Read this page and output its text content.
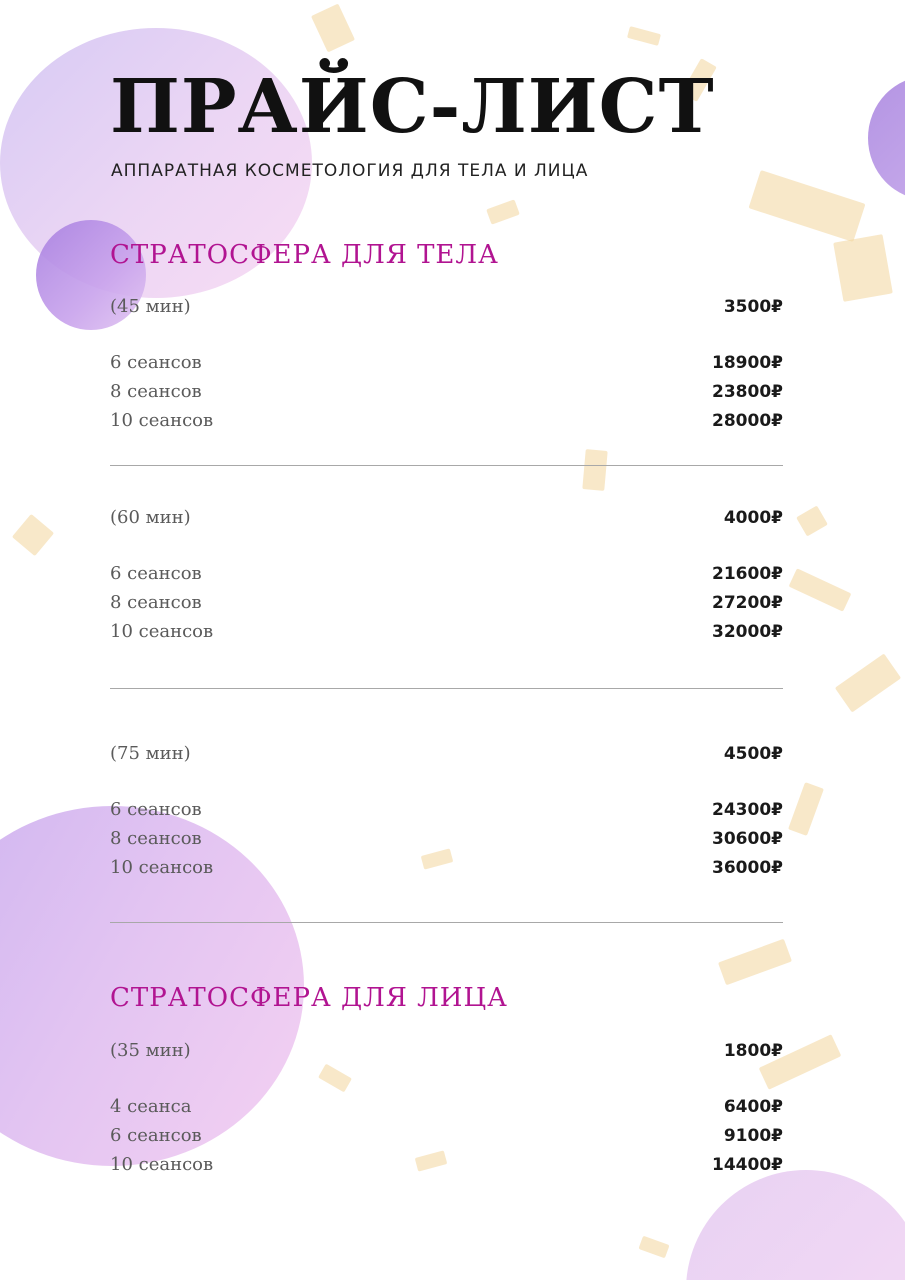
ПРАЙС-ЛИСТ
АППАРАТНАЯ КОСМЕТОЛОГИЯ ДЛЯ ТЕЛА И ЛИЦА
СТРАТОСФЕРА ДЛЯ ТЕЛА
(45 мин)	3500₽
6 сеансов	18900₽
8 сеансов	23800₽
10 сеансов	28000₽
(60 мин)	4000₽
6 сеансов	21600₽
8 сеансов	27200₽
10 сеансов	32000₽
(75 мин)	4500₽
6 сеансов	24300₽
8 сеансов	30600₽
10 сеансов	36000₽
СТРАТОСФЕРА ДЛЯ ЛИЦА
(35 мин)	1800₽
4 сеанса	6400₽
6 сеансов	9100₽
10 сеансов	14400₽
